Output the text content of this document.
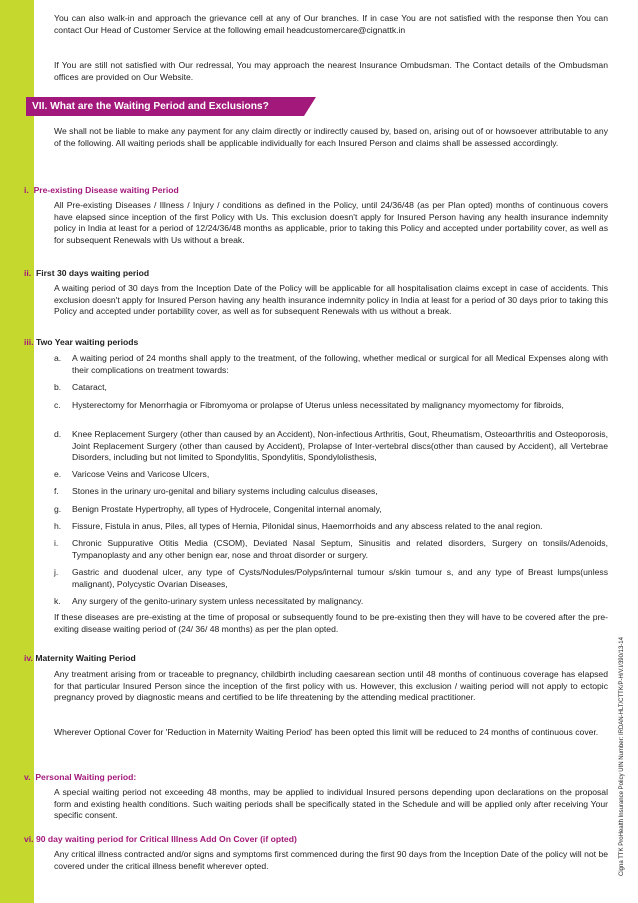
You can also walk-in and approach the grievance cell at any of Our branches. If in case You are not satisfied with the response then You can contact Our Head of Customer Service at the following email headcustomercare@cignattk.in

If You are still not satisfied with Our redressal, You may approach the nearest Insurance Ombudsman. The Contact details of the Ombudsman offices are provided on Our Website.

VII. What are the Waiting Period and Exclusions?

We shall not be liable to make any payment for any claim directly or indirectly caused by, based on, arising out of or howsoever attributable to any of the following. All waiting periods shall be applicable individually for each Insured Person and claims shall be assessed accordingly.

i. Pre-existing Disease waiting Period

All Pre-existing Diseases / Illness / Injury / conditions as defined in the Policy, until 24/36/48 (as per Plan opted) months of continuous covers have elapsed since inception of the first Policy with Us. This exclusion doesn't apply for Insured Person having any health insurance indemnity policy in India at least for a period of 12/24/36/48 months as applicable, prior to taking this Policy and accepted under portability cover, as well as for subsequent Renewals with Us without a break.

ii. First 30 days waiting period

A waiting period of 30 days from the Inception Date of the Policy will be applicable for all hospitalisation claims except in case of accidents. This exclusion doesn't apply for Insured Person having any health insurance indemnity policy in India at least for a period of 30 days prior to taking this Policy and accepted under portability cover, as well as for subsequent Renewals with us without a break.

iii. Two Year waiting periods
a. A waiting period of 24 months shall apply to the treatment, of the following, whether medical or surgical for all Medical Expenses along with their complications on treatment towards:
b. Cataract,
c. Hysterectomy for Menorrhagia or Fibromyoma or prolapse of Uterus unless necessitated by malignancy myomectomy for fibroids,
d. Knee Replacement Surgery (other than caused by an Accident), Non-infectious Arthritis, Gout, Rheumatism, Osteoarthritis and Osteoporosis, Joint Replacement Surgery (other than caused by Accident), Prolapse of Inter-vertebral discs(other than caused by Accident), all Vertebrae Disorders, including but not limited to Spondylitis, Spondylitis, Spondylolisthesis,
e. Varicose Veins and Varicose Ulcers,
f. Stones in the urinary uro-genital and biliary systems including calculus diseases,
g. Benign Prostate Hypertrophy, all types of Hydrocele, Congenital internal anomaly,
h. Fissure, Fistula in anus, Piles, all types of Hernia, Pilonidal sinus, Haemorrhoids and any abscess related to the anal region.
i. Chronic Suppurative Otitis Media (CSOM), Deviated Nasal Septum, Sinusitis and related disorders, Surgery on tonsils/Adenoids, Tympanoplasty and any other benign ear, nose and throat disorder or surgery.
j. Gastric and duodenal ulcer, any type of Cysts/Nodules/Polyps/internal tumour s/skin tumour s, and any type of Breast lumps(unless malignant), Polycystic Ovarian Diseases,
k. Any surgery of the genito-urinary system unless necessitated by malignancy.

If these diseases are pre-existing at the time of proposal or subsequently found to be pre-existing then they will have to be covered after the pre-exiting disease waiting period of (24/ 36/ 48 months) as per the plan opted.

iv. Maternity Waiting Period

Any treatment arising from or traceable to pregnancy, childbirth including caesarean section until 48 months of continuous coverage has elapsed for that particular Insured Person since the inception of the first policy with us. However, this exclusion / waiting period will not apply to ectopic pregnancy proved by diagnostic means and certified to be life threatening by the attending medical practitioner.

Wherever Optional Cover for 'Reduction in Maternity Waiting Period' has been opted this limit will be reduced to 24 months of continuous cover.

v. Personal Waiting period:

A special waiting period not exceeding 48 months, may be applied to individual Insured persons depending upon declarations on the proposal form and existing health conditions. Such waiting periods shall be specifically stated in the Schedule and will be applied only after receiving Your specific consent.

vi. 90 day waiting period for Critical Illness Add On Cover (if opted)

Any critical illness contracted and/or signs and symptoms first commenced during the first 90 days from the Inception Date of the policy will not be covered under the critical illness benefit wherever opted.	Cigna TTK ProHealth Insurance Policy UIN Number: IRDAN-HLT/CTTK/P-H/V.I/390/13-14
